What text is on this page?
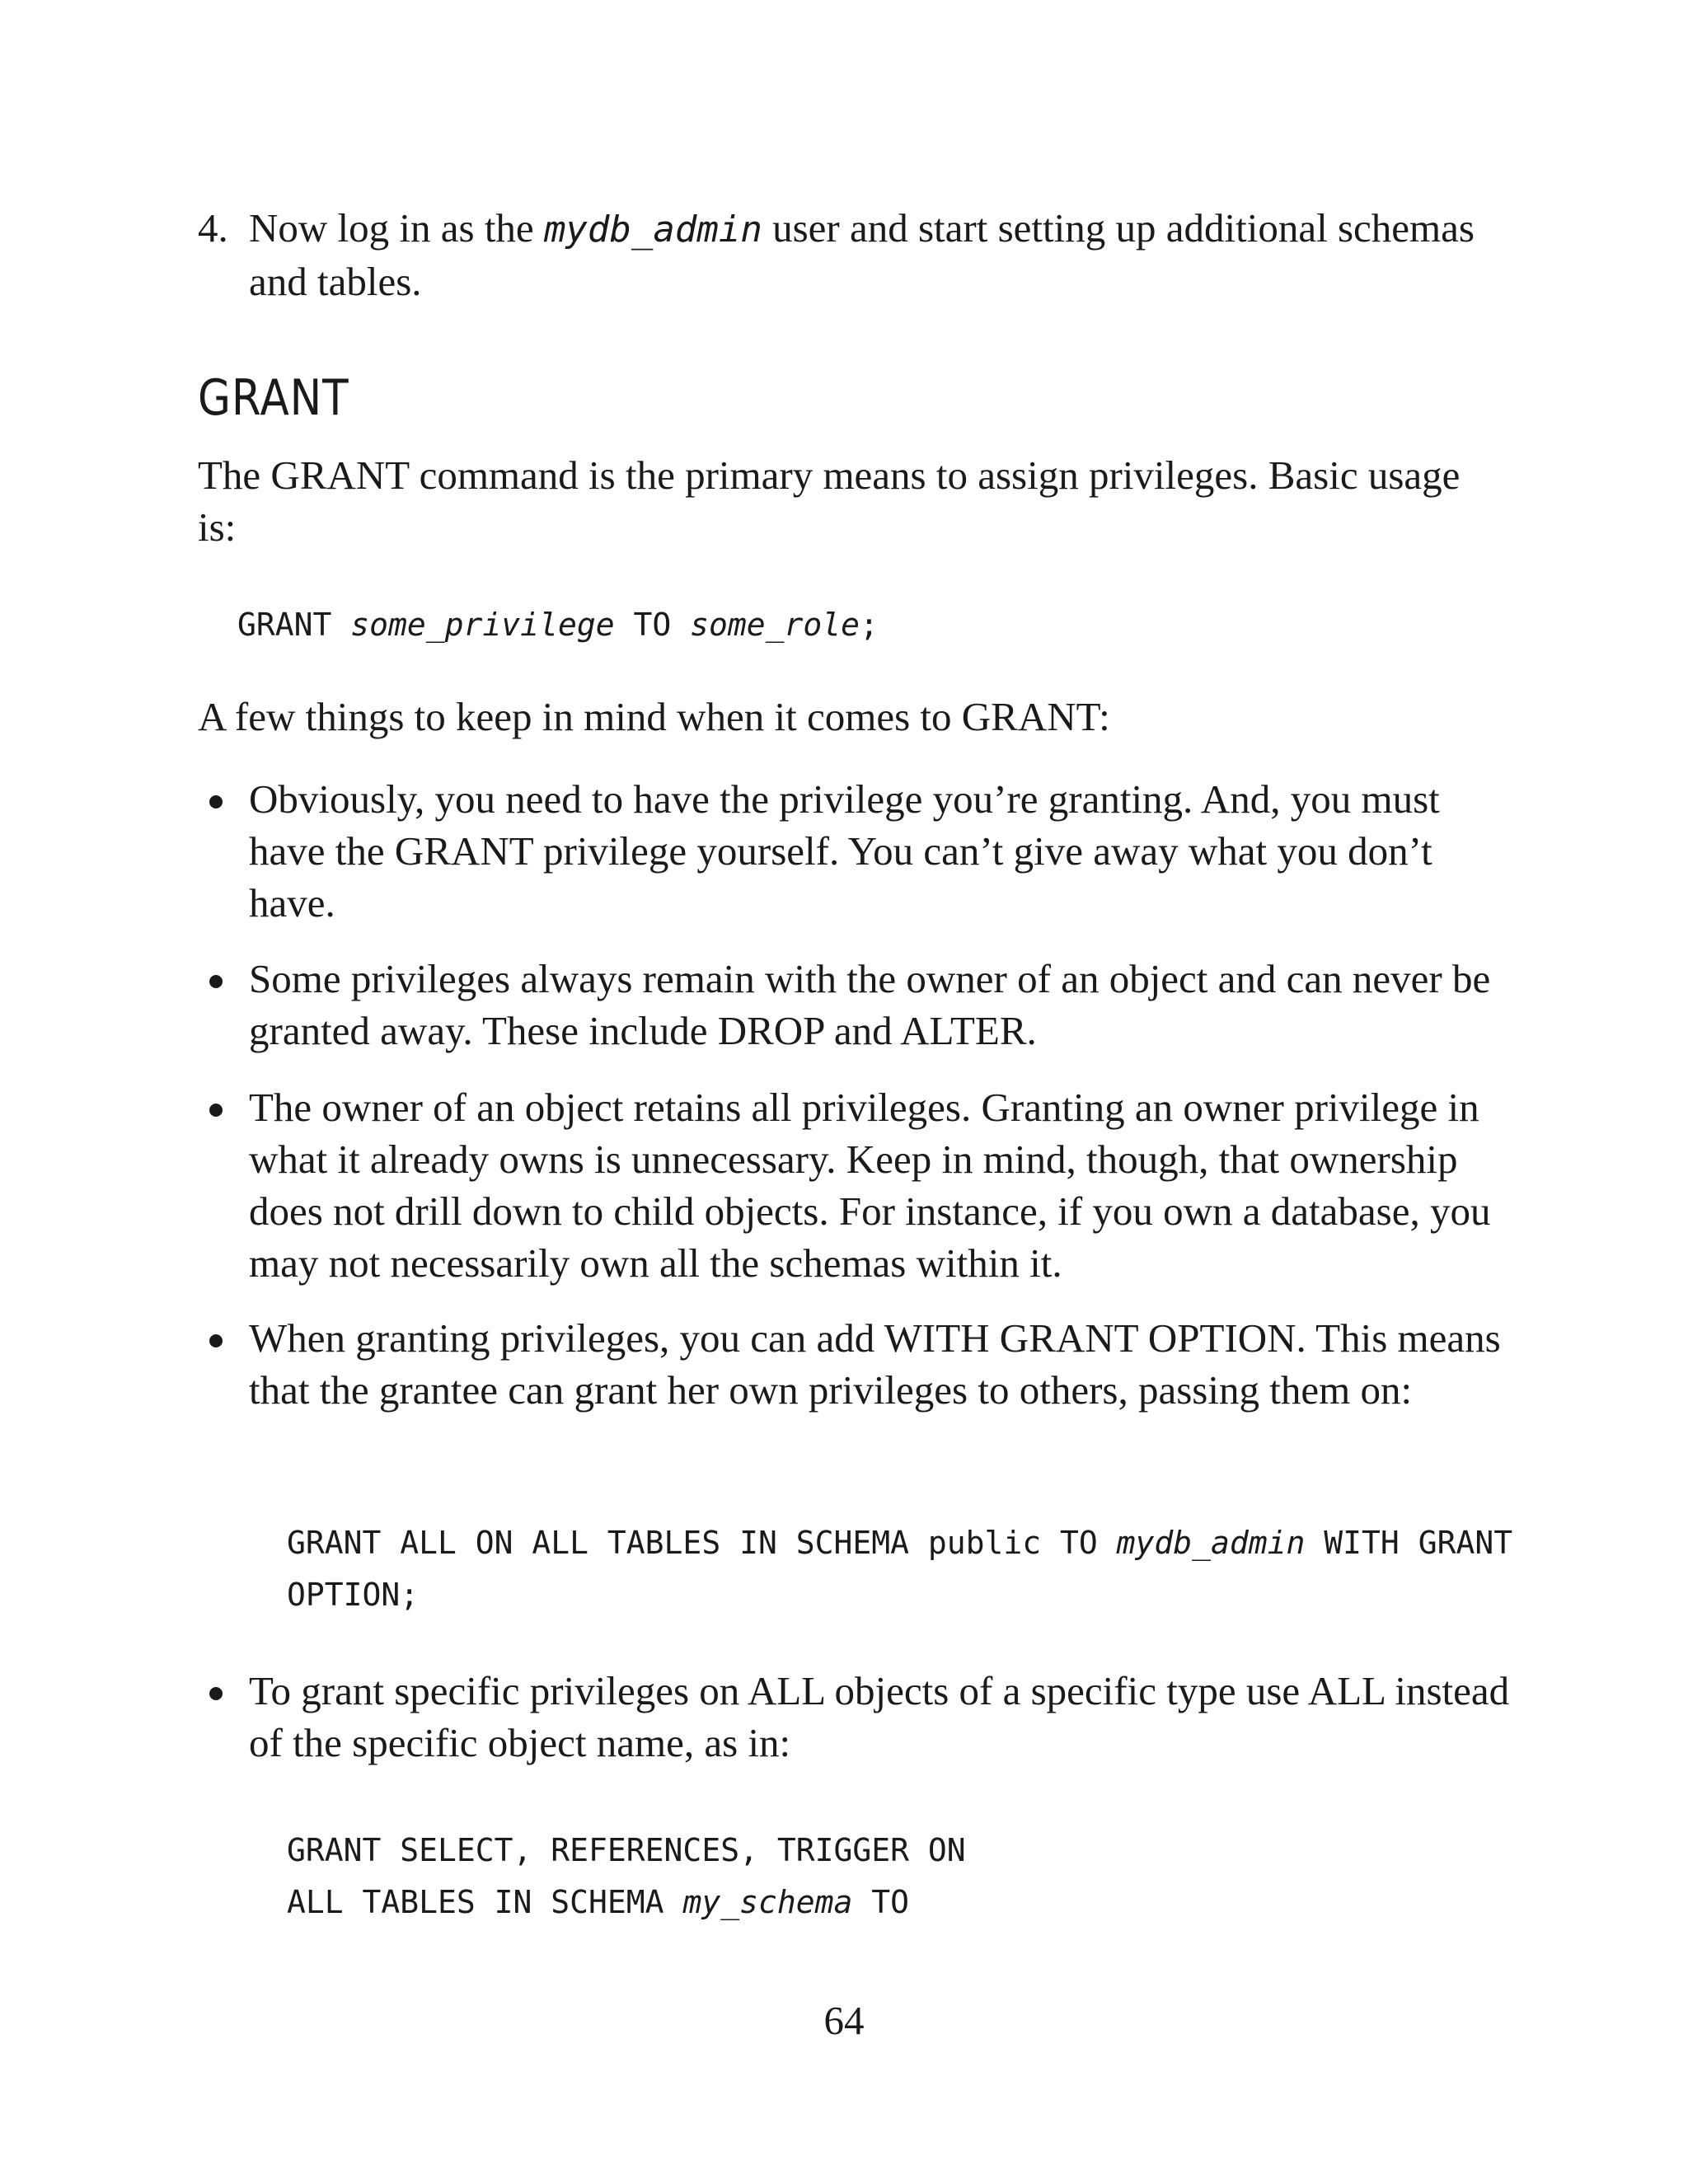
4. Now log in as the mydb_admin user and start setting up additional schemas and tables.
GRANT

The GRANT command is the primary means to assign privileges. Basic usage is:

GRANT some_privilege TO some_role;

A few things to keep in mind when it comes to GRANT:

Obviously, you need to have the privilege you’re granting. And, you must have the GRANT privilege yourself. You can’t give away what you don’t have.
Some privileges always remain with the owner of an object and can never be granted away. These include DROP and ALTER.
The owner of an object retains all privileges. Granting an owner privilege in what it already owns is unnecessary. Keep in mind, though, that ownership does not drill down to child objects. For instance, if you own a database, you may not necessarily own all the schemas within it.
When granting privileges, you can add WITH GRANT OPTION. This means that the grantee can grant her own privileges to others, passing them on:
GRANT ALL ON ALL TABLES IN SCHEMA public TO mydb_admin WITH GRANT
OPTION;
To grant specific privileges on ALL objects of a specific type use ALL instead of the specific object name, as in:
GRANT SELECT, REFERENCES, TRIGGER ON
ALL TABLES IN SCHEMA my_schema TO
64
